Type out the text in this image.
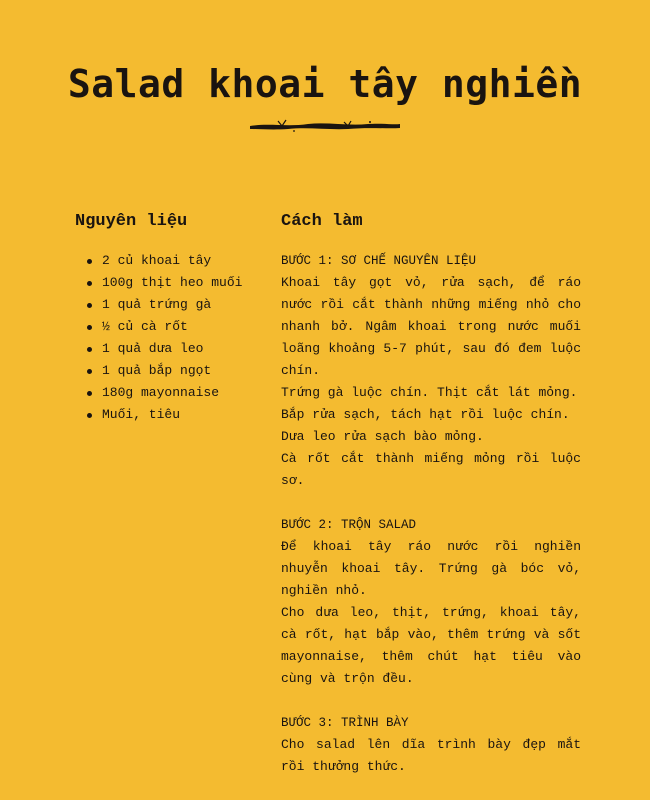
Salad khoai tây nghiền
Nguyên liệu
2 củ khoai tây
100g thịt heo muối
1 quả trứng gà
½ củ cà rốt
1 quả dưa leo
1 quả bắp ngọt
180g mayonnaise
Muối, tiêu
Cách làm
BƯỚC 1: SƠ CHẾ NGUYÊN LIỆU

Khoai tây gọt vỏ, rửa sạch, để ráo nước rồi cắt thành những miếng nhỏ cho nhanh bở. Ngâm khoai trong nước muối loãng khoảng 5-7 phút, sau đó đem luộc chín.

Trứng gà luộc chín. Thịt cắt lát mỏng.

Bắp rửa sạch, tách hạt rồi luộc chín.

Dưa leo rửa sạch bào mỏng.

Cà rốt cắt thành miếng mỏng rồi luộc sơ.

BƯỚC 2: TRỘN SALAD

Để khoai tây ráo nước rồi nghiền nhuyễn khoai tây. Trứng gà bóc vỏ, nghiền nhỏ.

Cho dưa leo, thịt, trứng, khoai tây, cà rốt, hạt bắp vào, thêm trứng và sốt mayonnaise, thêm chút hạt tiêu vào cùng và trộn đều.

BƯỚC 3: TRÌNH BÀY

Cho salad lên dĩa trình bày đẹp mắt rồi thưởng thức.
